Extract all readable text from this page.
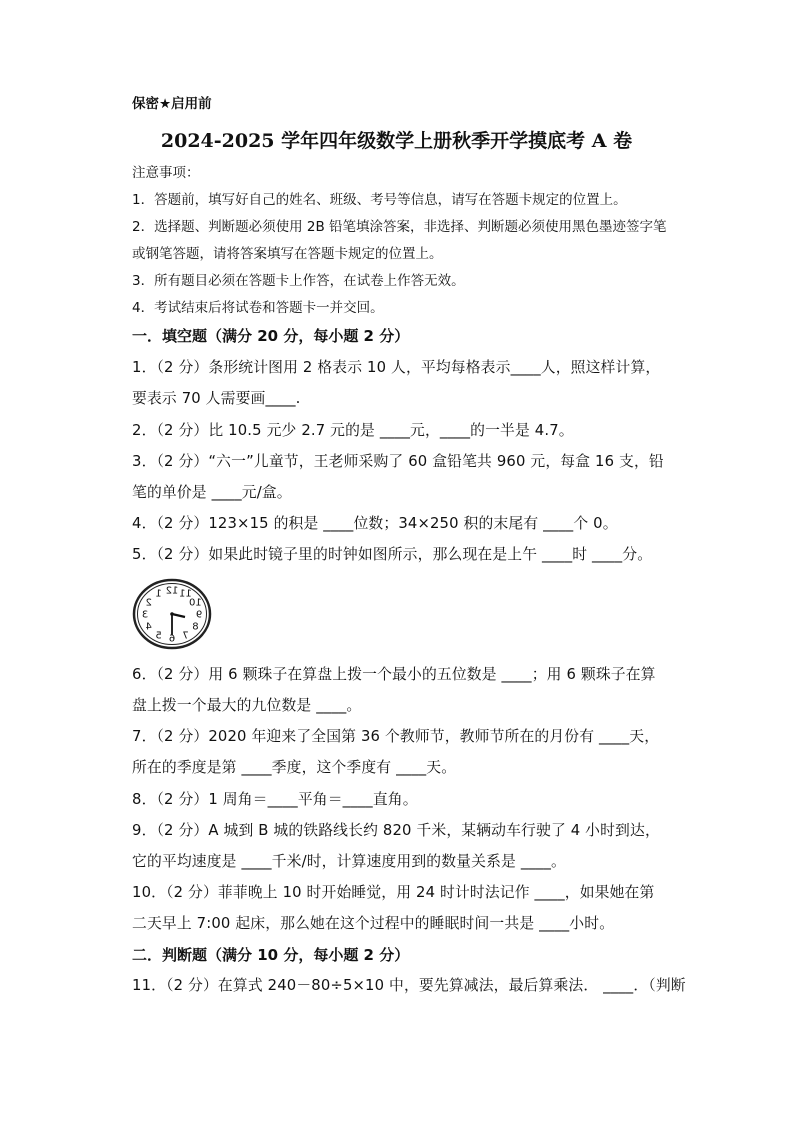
保密★启用前
2024-2025 学年四年级数学上册秋季开学摸底考 A 卷
注意事项：
1．答题前，填写好自己的姓名、班级、考号等信息，请写在答题卡规定的位置上。
2．选择题、判断题必须使用 2B 铅笔填涂答案，非选择、判断题必须使用黑色墨迹签字笔
或钢笔答题，请将答案填写在答题卡规定的位置上。
3．所有题目必须在答题卡上作答，在试卷上作答无效。
4．考试结束后将试卷和答题卡一并交回。
一．填空题（满分 20 分，每小题 2 分）
1．（2 分）条形统计图用 2 格表示 10 人，平均每格表示____人，照这样计算，
要表示 70 人需要画____.
2．（2 分）比 10.5 元少 2.7 元的是 ____元，____的一半是 4.7。
3．（2 分）“六一”儿童节，王老师采购了 60 盒铅笔共 960 元，每盒 16 支，铅
笔的单价是 ____元/盒。
4．（2 分）123×15 的积是 ____位数；34×250 积的末尾有 ____个 0。
5．（2 分）如果此时镜子里的时钟如图所示，那么现在是上午 ____时 ____分。
12
1
2
3
4
5 6 7
8
9
10
11
6．（2 分）用 6 颗珠子在算盘上拨一个最小的五位数是 ____；用 6 颗珠子在算
盘上拨一个最大的九位数是 ____。
7．（2 分）2020 年迎来了全国第 36 个教师节，教师节所在的月份有 ____天，
所在的季度是第 ____季度，这个季度有 ____天。
8．（2 分）1 周角＝____平角＝____直角。
9．（2 分）A 城到 B 城的铁路线长约 820 千米，某辆动车行驶了 4 小时到达，
它的平均速度是 ____千米/时，计算速度用到的数量关系是 ____。
10．（2 分）菲菲晚上 10 时开始睡觉，用 24 时计时法记作 ____，如果她在第
二天早上 7:00 起床，那么她在这个过程中的睡眠时间一共是 ____小时。
二．判断题（满分 10 分，每小题 2 分）
11．（2 分）在算式 240－80÷5×10 中，要先算减法，最后算乘法． ____．（判断
